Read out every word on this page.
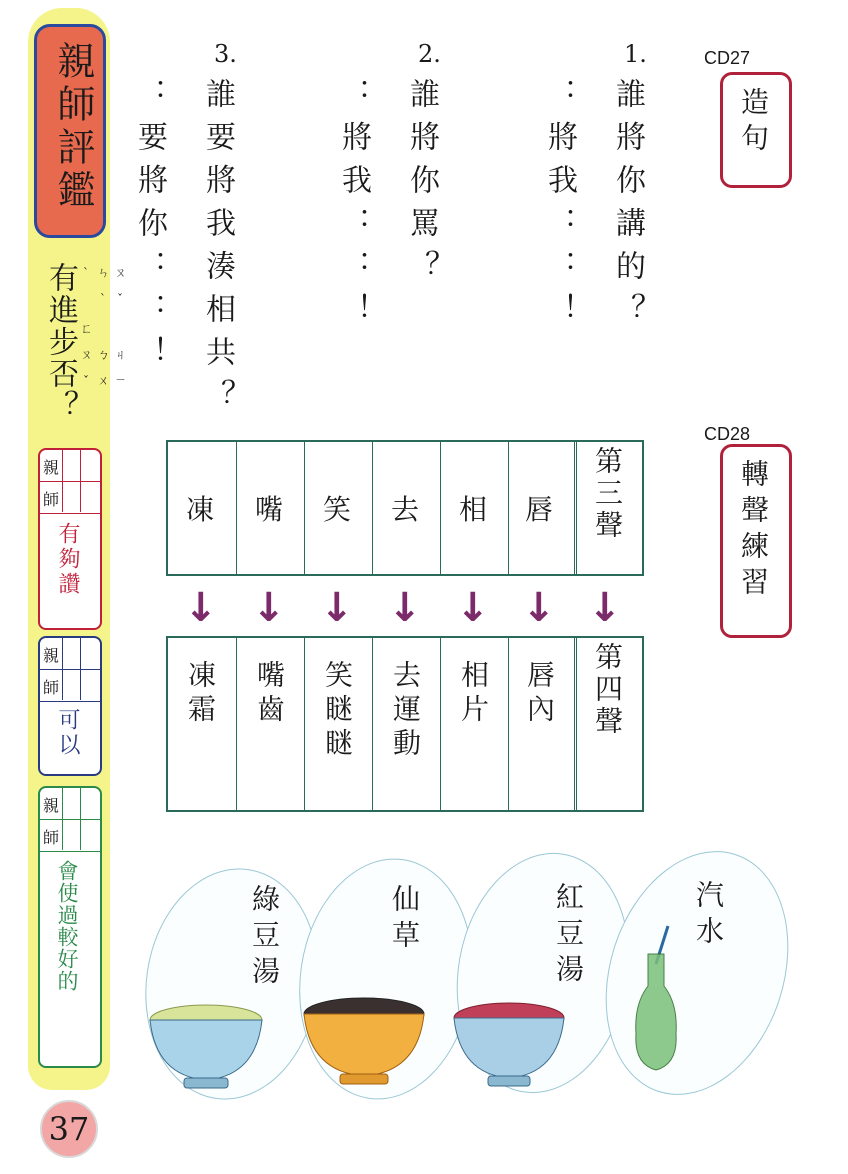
親師評鑑
有進步否？	ㄡˇ ㄐㄧㄣˋ ㄅㄨˋ ㄈㄡˇ
親
師
有夠讚
親
師
可以
親
師
會使過較好的
37
1.
誰將你講的？
：將我：：！
2.
誰將你罵？
：將我：：！
3.
誰要將我湊相共？
：要將你：：！
CD27
造句
CD28
轉聲練習
凍 嘴 笑 去 相 唇 第三聲
↓ ↓ ↓ ↓ ↓ ↓ ↓
凍霜 嘴齒 笑瞇瞇 去運動 相片 唇內 第四聲
綠豆湯	仙草	紅豆湯	汽水
